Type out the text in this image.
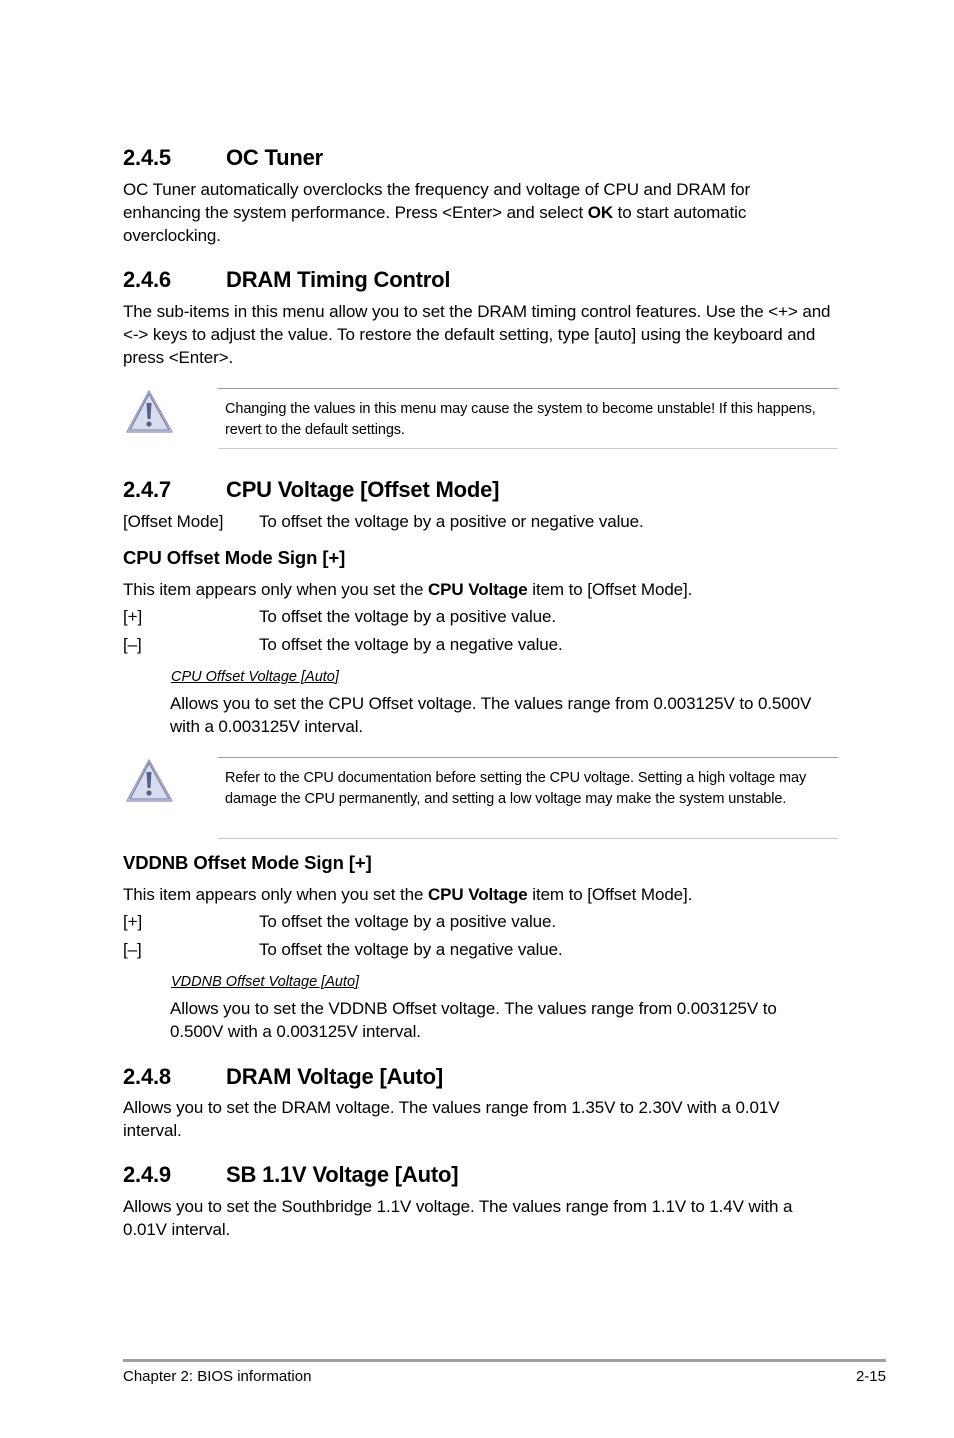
2.4.5	OC Tuner

OC Tuner automatically overclocks the frequency and voltage of CPU and DRAM for enhancing the system performance. Press <Enter> and select OK to start automatic overclocking.

2.4.6	DRAM Timing Control

The sub-items in this menu allow you to set the DRAM timing control features. Use the <+> and <-> keys to adjust the value. To restore the default setting, type [auto] using the keyboard and press <Enter>.

Changing the values in this menu may cause the system to become unstable! If this happens, revert to the default settings.
2.4.7	CPU Voltage [Offset Mode]
[Offset Mode] To offset the voltage by a positive or negative value.
CPU Offset Mode Sign [+]

This item appears only when you set the CPU Voltage item to [Offset Mode].

[+]	To offset the voltage by a positive value.
[–]	To offset the voltage by a negative value.

CPU Offset Voltage [Auto]

Allows you to set the CPU Offset voltage. The values range from 0.003125V to 0.500V with a 0.003125V interval.

Refer to the CPU documentation before setting the CPU voltage. Setting a high voltage may damage the CPU permanently, and setting a low voltage may make the system unstable.
VDDNB Offset Mode Sign [+]

This item appears only when you set the CPU Voltage item to [Offset Mode].

[+]	To offset the voltage by a positive value.
[–]	To offset the voltage by a negative value.

VDDNB Offset Voltage [Auto]

Allows you to set the VDDNB Offset voltage. The values range from 0.003125V to 0.500V with a 0.003125V interval.

2.4.8	DRAM Voltage [Auto]

Allows you to set the DRAM voltage. The values range from 1.35V to 2.30V with a 0.01V interval.

2.4.9	SB 1.1V Voltage [Auto]

Allows you to set the Southbridge 1.1V voltage. The values range from 1.1V to 1.4V with a 0.01V interval.

Chapter 2: BIOS information	2-15
